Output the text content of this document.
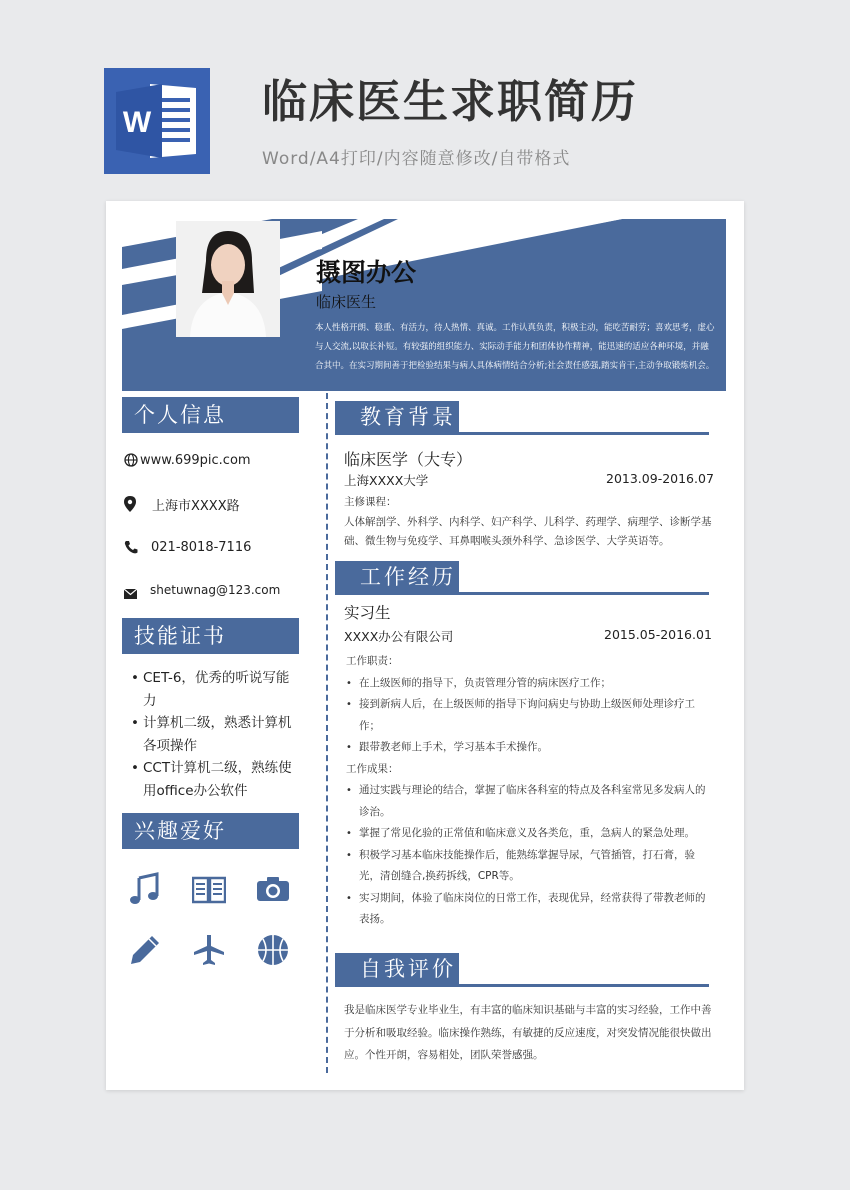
W 临床医生求职简历
Word/A4打印/内容随意修改/自带格式
摄图办公
临床医生
本人性格开朗、稳重、有活力，待人热情、真诚。工作认真负责，积极主动，能吃苦耐劳；喜欢思考，虚心与人交流,以取长补短。有较强的组织能力、实际动手能力和团体协作精神，能迅速的适应各种环境，并融合其中。在实习期间善于把检验结果与病人具体病情结合分析;社会责任感强,踏实肯干,主动争取锻炼机会。
个人信息
www.699pic.com
上海市XXXX路
021-8018-7116
shetuwnag@123.com
技能证书
• CET-6，优秀的听说写能力
• 计算机二级，熟悉计算机各项操作
• CCT计算机二级，熟练使用office办公软件
兴趣爱好
教育背景
临床医学（大专）
上海XXXX大学	2013.09-2016.07
主修课程：
人体解剖学、外科学、内科学、妇产科学、儿科学、药理学、病理学、诊断学基础、微生物与免疫学、耳鼻咽喉头颈外科学、急诊医学、大学英语等。
工作经历
实习生
XXXX办公有限公司	2015.05-2016.01
工作职责：
• 在上级医师的指导下，负责管理分管的病床医疗工作；
• 接到新病人后，在上级医师的指导下询问病史与协助上级医师处理诊疗工作；
• 跟带教老师上手术，学习基本手术操作。
工作成果：
• 通过实践与理论的结合，掌握了临床各科室的特点及各科室常见多发病人的诊治。
• 掌握了常见化验的正常值和临床意义及各类危，重，急病人的紧急处理。
• 积极学习基本临床技能操作后，能熟练掌握导尿，气管插管，打石膏，验光，清创缝合,换药拆线，CPR等。
• 实习期间，体验了临床岗位的日常工作，表现优异，经常获得了带教老师的表扬。
自我评价
我是临床医学专业毕业生，有丰富的临床知识基础与丰富的实习经验，工作中善于分析和吸取经验。临床操作熟练，有敏捷的反应速度，对突发情况能很快做出应。个性开朗，容易相处，团队荣誉感强。
